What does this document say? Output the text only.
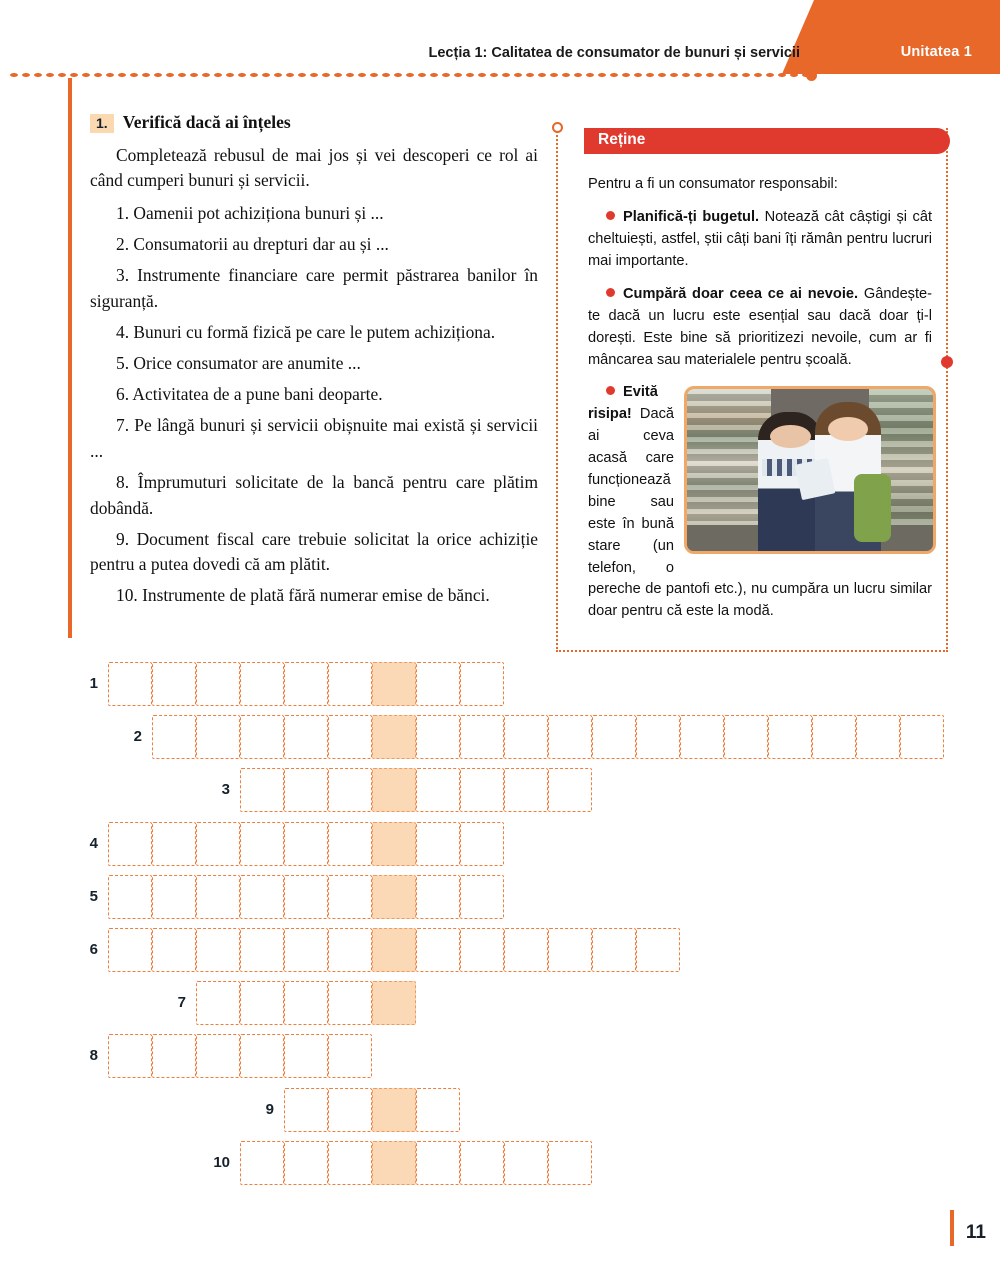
Unitatea 1
Lecția 1: Calitatea de consumator de bunuri și servicii
1. Verifică dacă ai înțeles

Completează rebusul de mai jos și vei descoperi ce rol ai când cumperi bunuri și servicii.

1. Oamenii pot achiziționa bunuri și ...

2. Consumatorii au drepturi dar au și ...

3. Instrumente financiare care permit păstrarea banilor în siguranță.

4. Bunuri cu formă fizică pe care le putem achiziționa.

5. Orice consumator are anumite ...

6. Activitatea de a pune bani deoparte.

7. Pe lângă bunuri și servicii obișnuite mai există și servicii ...

8. Împrumuturi solicitate de la bancă pentru care plătim dobândă.

9. Document fiscal care trebuie solicitat la orice achiziție pentru a putea dovedi că am plătit.

10. Instrumente de plată fără numerar emise de bănci.

Reține

Pentru a fi un consumator responsabil:

Planifică-ți bugetul. Notează cât câștigi și cât cheltuiești, astfel, știi câți bani îți rămân pentru lucruri mai importante.

Cumpără doar ceea ce ai nevoie. Gândește-te dacă un lucru este esențial sau dacă doar ți-l dorești. Este bine să prioritizezi nevoile, cum ar fi mâncarea sau materialele pentru școală.

Evită risipa! Dacă ai ceva acasă care funcționează bine sau este în bună stare (un telefon, o pereche de pantofi etc.), nu cumpăra un lucru similar doar pentru că este la modă.

1
2
3
4
5
6
7
8
9
10
11
